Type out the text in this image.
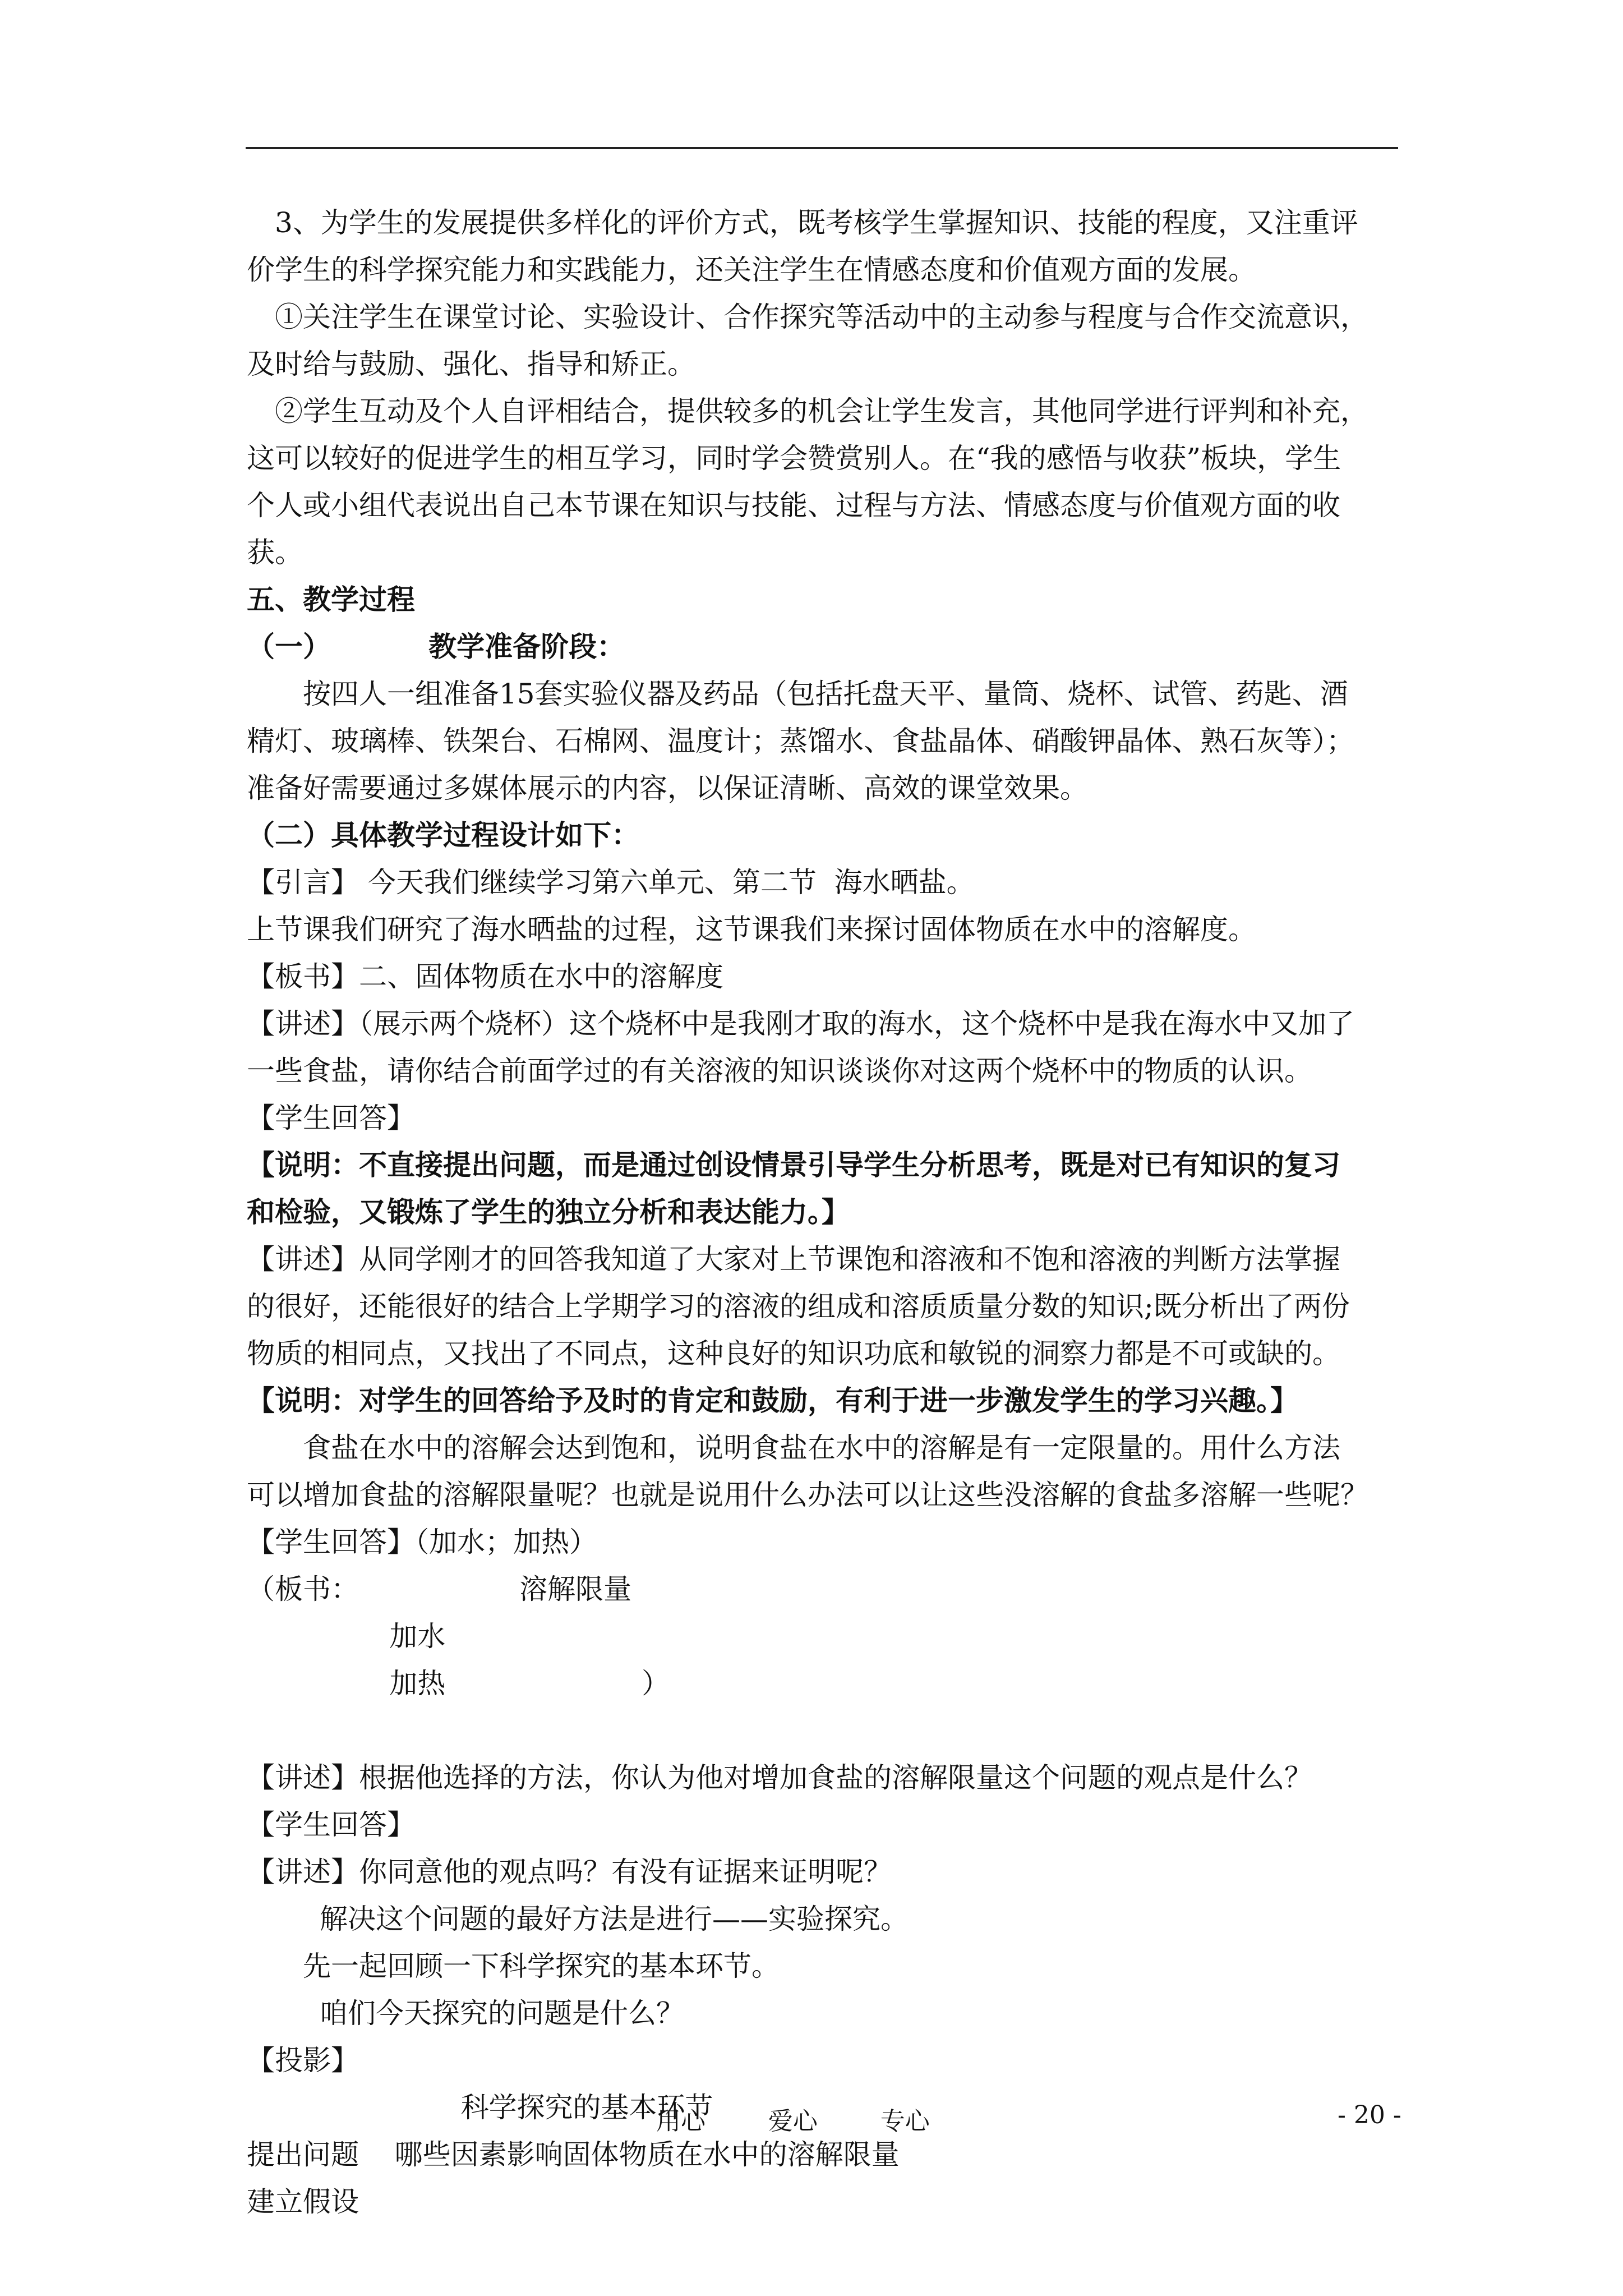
3、为学生的发展提供多样化的评价方式，既考核学生掌握知识、技能的程度，又注重评

价学生的科学探究能力和实践能力，还关注学生在情感态度和价值观方面的发展。

①关注学生在课堂讨论、实验设计、合作探究等活动中的主动参与程度与合作交流意识，

及时给与鼓励、强化、指导和矫正。

②学生互动及个人自评相结合，提供较多的机会让学生发言，其他同学进行评判和补充，

这可以较好的促进学生的相互学习，同时学会赞赏别人。在“我的感悟与收获”板块，学生

个人或小组代表说出自己本节课在知识与技能、过程与方法、情感态度与价值观方面的收

获。

五、教学过程

（一）          教学准备阶段：

按四人一组准备15套实验仪器及药品（包括托盘天平、量筒、烧杯、试管、药匙、酒

精灯、玻璃棒、铁架台、石棉网、温度计；蒸馏水、食盐晶体、硝酸钾晶体、熟石灰等）；

准备好需要通过多媒体展示的内容，以保证清晰、高效的课堂效果。

（二）具体教学过程设计如下：

【引言】 今天我们继续学习第六单元、第二节  海水晒盐。

上节课我们研究了海水晒盐的过程，这节课我们来探讨固体物质在水中的溶解度。

【板书】二、固体物质在水中的溶解度

【讲述】（展示两个烧杯）这个烧杯中是我刚才取的海水，这个烧杯中是我在海水中又加了

一些食盐，请你结合前面学过的有关溶液的知识谈谈你对这两个烧杯中的物质的认识。

【学生回答】

【说明：不直接提出问题，而是通过创设情景引导学生分析思考，既是对已有知识的复习

和检验，又锻炼了学生的独立分析和表达能力。】

【讲述】从同学刚才的回答我知道了大家对上节课饱和溶液和不饱和溶液的判断方法掌握

的很好，还能很好的结合上学期学习的溶液的组成和溶质质量分数的知识;既分析出了两份

物质的相同点，又找出了不同点，这种良好的知识功底和敏锐的洞察力都是不可或缺的。

【说明：对学生的回答给予及时的肯定和鼓励，有利于进一步激发学生的学习兴趣。】

食盐在水中的溶解会达到饱和，说明食盐在水中的溶解是有一定限量的。用什么方法

可以增加食盐的溶解限量呢？也就是说用什么办法可以让这些没溶解的食盐多溶解一些呢？

【学生回答】（加水；加热）

（板书：                  溶解限量

加水

加热                      ）

【讲述】根据他选择的方法，你认为他对增加食盐的溶解限量这个问题的观点是什么？

【学生回答】

【讲述】你同意他的观点吗？有没有证据来证明呢？

解决这个问题的最好方法是进行——实验探究。

先一起回顾一下科学探究的基本环节。

咱们今天探究的问题是什么？

【投影】

科学探究的基本环节

提出问题    哪些因素影响固体物质在水中的溶解限量

建立假设

用心        爱心        专心	- 20 -
